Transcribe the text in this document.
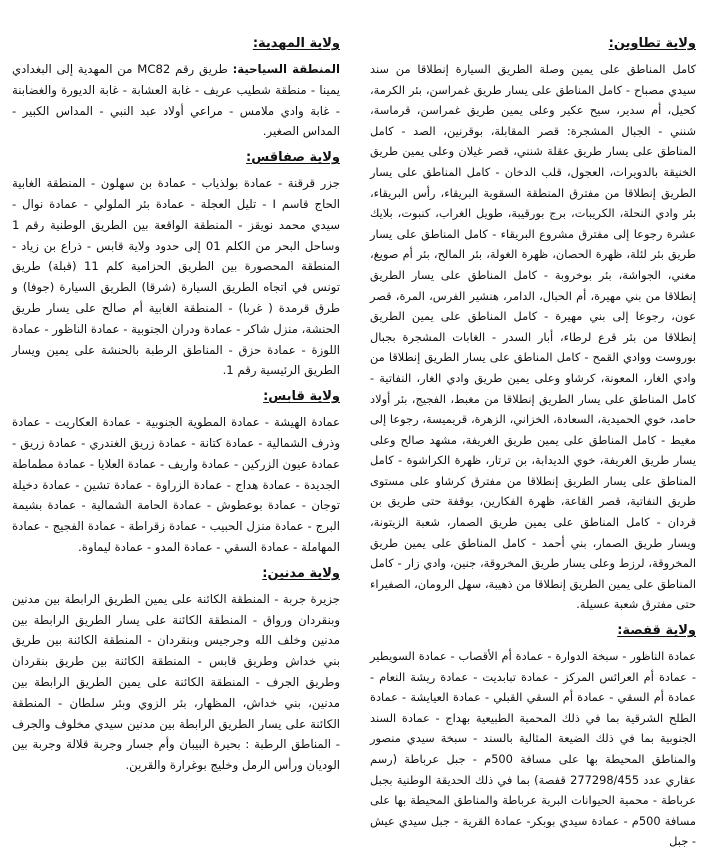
ولاية المهدية:

المنطقة السياحية: طريق رقم MC82 من المهدية إلى البغدادي يمينا - منطقة شطيب عريف - غابة العشابة - غابة الديورة والغضابنة - غابة وادي ملامس - مراعي أولاد عبد النبي - المداس الكبير - المداس الصغير.

ولاية صفاقس:

جزر قرقنة - عمادة بولذياب - عمادة بن سهلون - المنطقة الغابية الحاج قاسم I - تليل العجلة - عمادة بئر الملولي - عمادة نوال - سيدي محمد نويقز - المنطقة الواقعة بين الطريق الوطنية رقم 1 وساحل البحر من الكلم 01 إلى حدود ولاية قابس - ذراع بن زياد - المنطقة المحصورة بين الطريق الحزامية كلم 11 (قبلة) طريق تونس في اتجاه الطريق السيارة (شرقا) الطريق السيارة (جوفا) و طرق قرمدة ( غربا) - المنطقة الغابية أم صالح على يسار طريق الحنشة، منزل شاكر - عمادة ودران الجنوبية - عمادة الناظور - عمادة اللوزة - عمادة حزق - المناطق الرطبة بالحنشة على يمين ويسار الطريق الرئيسية رقم 1.

ولاية قابس:

عمادة الهيشة - عمادة المطوية الجنوبية - عمادة العكاريت - عمادة وذرف الشمالية - عمادة كتانة - عمادة زريق الغندري - عمادة زريق - عمادة عيون الزركين - عمادة واريف - عمادة العلايا - عمادة مطماطة الجديدة - عمادة هداج - عمادة الزراوة - عمادة تشين - عمادة دخيلة توجان - عمادة بوعطوش - عمادة الحامة الشمالية - عمادة بشيمة البرج - عمادة منزل الحبيب - عمادة زقراطة - عمادة الفجيج - عمادة المهاملة - عمادة السقي - عمادة المدو - عمادة ليماوة.

ولاية مدنين:

جزيرة جربة - المنطقة الكائنة على يمين الطريق الرابطة بين مدنين وبنقردان ورواق - المنطقة الكائنة على يسار الطريق الرابطة بين مدنين وخلف الله وجرجيس وبنقردان - المنطقة الكائنة بين طريق بني خداش وطريق قابس - المنطقة الكائنة بين طريق بنقردان وطريق الجرف - المنطقة الكائنة على يمين الطريق الرابطة بين مدنين، بني خداش، المظهار، بئر الزوي وبئر سلطان - المنطقة الكائنة على يسار الطريق الرابطة بين مدنين سيدي مخلوف والجرف - المناطق الرطبة : بحيرة البيبان وأم جسار وجربة قلالة وجربة بين الوديان ورأس الرمل وخليج بوغرارة والقرين.

ولاية تطاوين:

كامل المناطق على يمين وصلة الطريق السيارة إنطلاقا من سند سيدي مصباح - كامل المناطق على يسار طريق غمراسن، بئر الكرمة، كحيل، أم سدير، سيح عكير وعلى يمين طريق غمراسن، قرماسة، شنني - الجبال المشجرة: قصر المقابلة، بوقرنين، الصد - كامل المناطق على يسار طريق عقلة شنني، قصر غيلان وعلى يمين طريق الخنيقة بالدويرات، العجول، قلب الدخان - كامل المناطق على يسار الطريق إنطلاقا من مفترق المنطقة السقوية البريقاء، رأس البريقاء، بئر وادي النحلة، الكريبات، برج بورقيبة، طويل الغراب، كنبوت، بلايك عشرة رجوعا إلى مفترق مشروع البريقاء - كامل المناطق على يسار طريق بئر لئلة، ظهرة الحصان، ظهرة الغولة، بئر المالح، بئر أم صويغ، مغني، الجواشة، بئر بوخروبة - كامل المناطق على يسار الطريق إنطلاقا من بني مهيرة، أم الحبال، الدامر، هنشير الفرس، المرة، قصر عون، رجوعا إلى بني مهيرة - كامل المناطق على يمين الطريق إنطلاقا من بئر قرع لرطاء، أبار السدر - الغابات المشجرة بجبال بوروست ووادي القمح - كامل المناطق على يسار الطريق إنطلاقا من وادي الغار، المعونة، كرشاو وعلى يمين طريق وادي الغار، النفاتية - كامل المناطق على يسار الطريق إنطلاقا من مغبط، الفجيج، بئر أولاد حامد، خوي الحميدية، السعادة، الخزاني، الزهرة، قريميسة، رجوعا إلى مغيط - كامل المناطق على يمين طريق الغريفة، مشهد صالح وعلى يسار طريق الغريفة، خوي الديدابة، بن ترتار، ظهرة الكراشوة - كامل المناطق على يسار الطريق إنطلاقا من مفترق كرشاو على مستوى طريق النفاتية، قصر القاعة، ظهرة الفكارين، بوقفة حتى طريق بن قردان - كامل المناطق على يمين طريق الصمار، شعبة الزيتونة، ويسار طريق الصمار، بني أحمد - كامل المناطق على يمين طريق المخروقة، لرزط وعلى يسار طريق المخروقة، جنين، وادي زار - كامل المناطق على يمين الطريق إنطلاقا من ذهيبة، سهل الرومان، الصفيراء حتى مفترق شعبة عسيلة.

ولاية قفصة:

عمادة الناظور - سبخة الدوارة - عمادة أم الأقصاب - عمادة السويطير - عمادة أم العرائس المركز - عمادة تبابديت - عمادة ريشة النعام - عمادة أم السقي - عمادة أم السقي القبلي - عمادة العيايشة - عمادة الطلح الشرقية بما في ذلك المحمية الطبيعية بهداج - عمادة السند الجنوبية بما في ذلك الضيعة المثالية بالسند - سبخة سيدي منصور والمناطق المحيطة بها على مسافة 500م - جبل عرباطة (رسم عقاري عدد 277298/455 قفصة) بما في ذلك الحديقة الوطنية بجبل عرباطة - محمية الحيوانات البرية عرباطة والمناطق المحيطة بها على مسافة 500م - عمادة سيدي بوبكر- عمادة القرية - جبل سيدي عيش - جبل
